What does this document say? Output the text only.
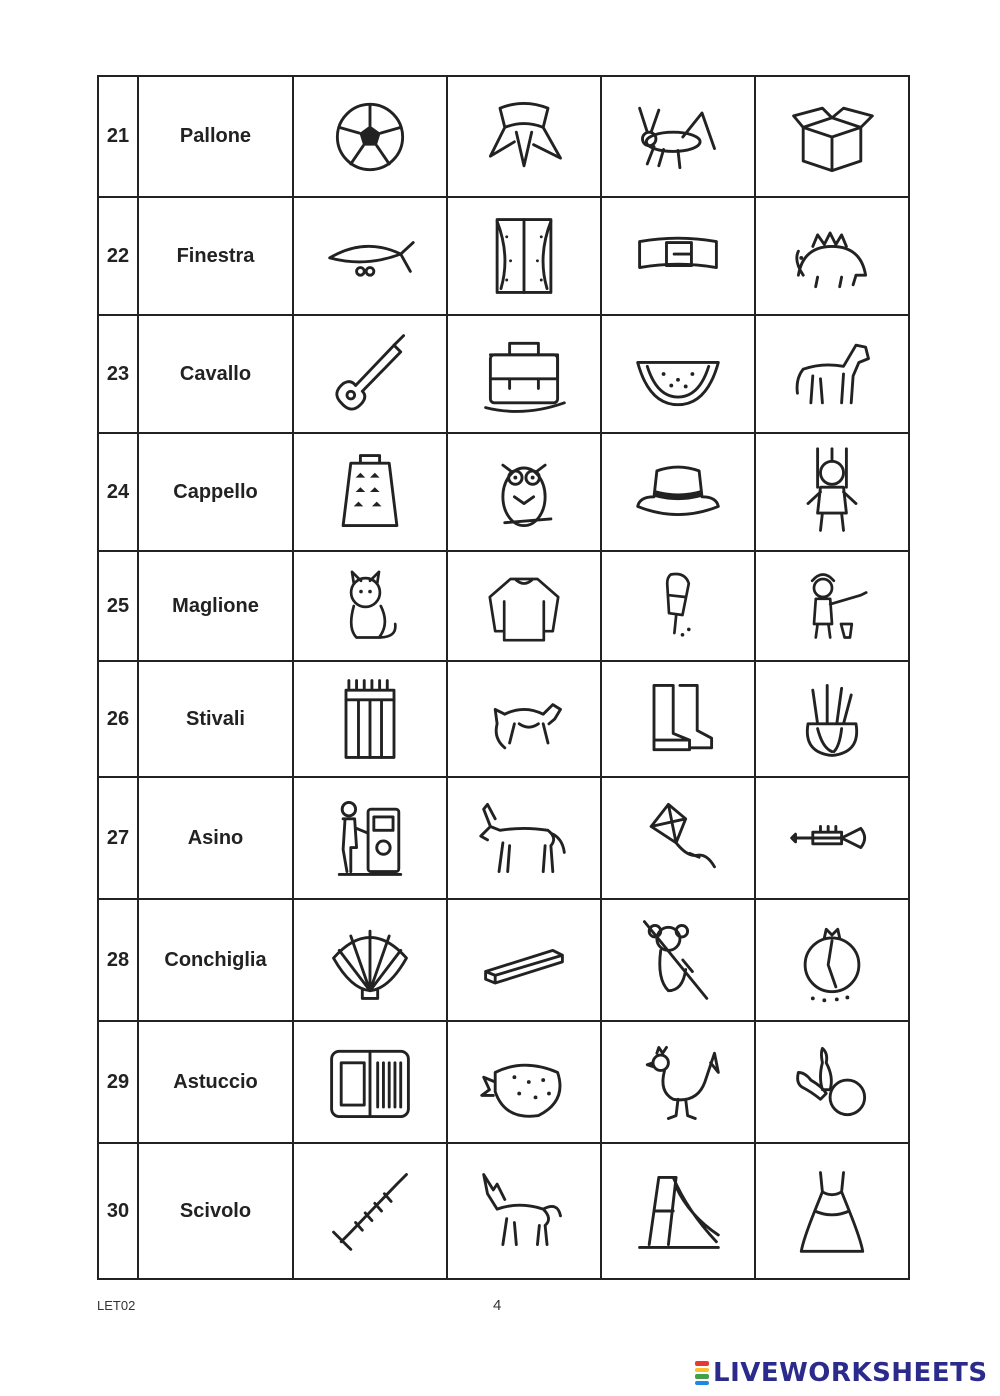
21	Pallone	

22	Finestra	

23	Cavallo	

24	Cappello	

25	Maglione	

26	Stivali	

27	Asino	

28	Conchiglia	

29	Astuccio	

30	Scivolo	

LET02	4
LIVEWORKSHEETS
